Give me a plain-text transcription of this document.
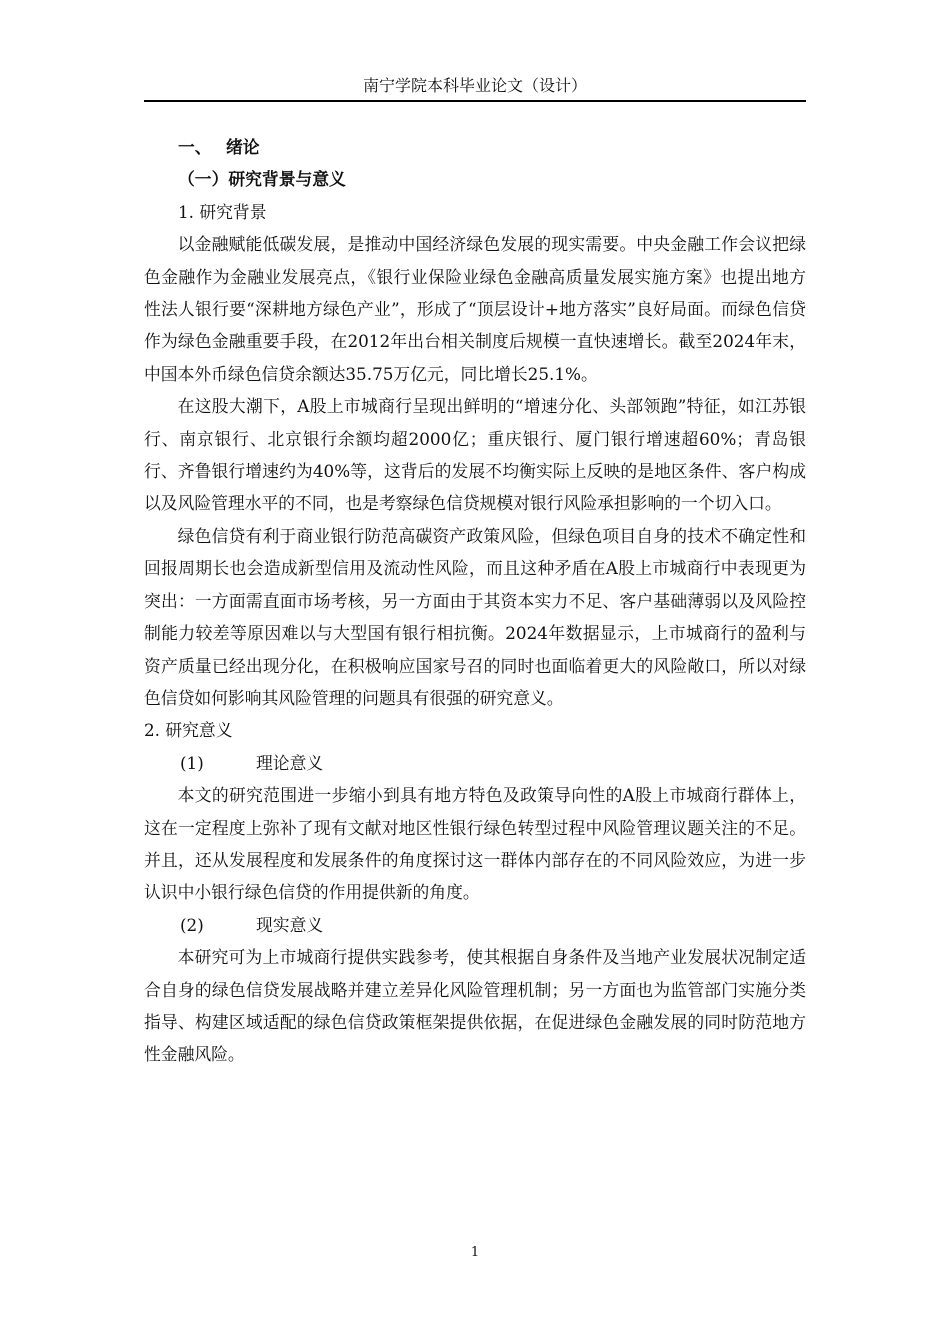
南宁学院本科毕业论文（设计）

一、 绪论

（一）研究背景与意义

1. 研究背景

以金融赋能低碳发展，是推动中国经济绿色发展的现实需要。中央金融工作会议把绿色金融作为金融业发展亮点，《银行业保险业绿色金融高质量发展实施方案》也提出地方性法人银行要“深耕地方绿色产业”，形成了“顶层设计+地方落实”良好局面。而绿色信贷作为绿色金融重要手段，在2012年出台相关制度后规模一直快速增长。截至2024年末，中国本外币绿色信贷余额达35.75万亿元，同比增长25.1%。

在这股大潮下，A股上市城商行呈现出鲜明的“增速分化、头部领跑”特征，如江苏银行、南京银行、北京银行余额均超2000亿；重庆银行、厦门银行增速超60%；青岛银行、齐鲁银行增速约为40%等，这背后的发展不均衡实际上反映的是地区条件、客户构成以及风险管理水平的不同，也是考察绿色信贷规模对银行风险承担影响的一个切入口。

绿色信贷有利于商业银行防范高碳资产政策风险，但绿色项目自身的技术不确定性和回报周期长也会造成新型信用及流动性风险，而且这种矛盾在A股上市城商行中表现更为突出：一方面需直面市场考核，另一方面由于其资本实力不足、客户基础薄弱以及风险控制能力较差等原因难以与大型国有银行相抗衡。2024年数据显示，上市城商行的盈利与资产质量已经出现分化，在积极响应国家号召的同时也面临着更大的风险敞口，所以对绿色信贷如何影响其风险管理的问题具有很强的研究意义。

2. 研究意义

(1)	理论意义

本文的研究范围进一步缩小到具有地方特色及政策导向性的A股上市城商行群体上，这在一定程度上弥补了现有文献对地区性银行绿色转型过程中风险管理议题关注的不足。并且，还从发展程度和发展条件的角度探讨这一群体内部存在的不同风险效应，为进一步认识中小银行绿色信贷的作用提供新的角度。

(2)	现实意义

本研究可为上市城商行提供实践参考，使其根据自身条件及当地产业发展状况制定适合自身的绿色信贷发展战略并建立差异化风险管理机制；另一方面也为监管部门实施分类指导、构建区域适配的绿色信贷政策框架提供依据，在促进绿色金融发展的同时防范地方性金融风险。

1
